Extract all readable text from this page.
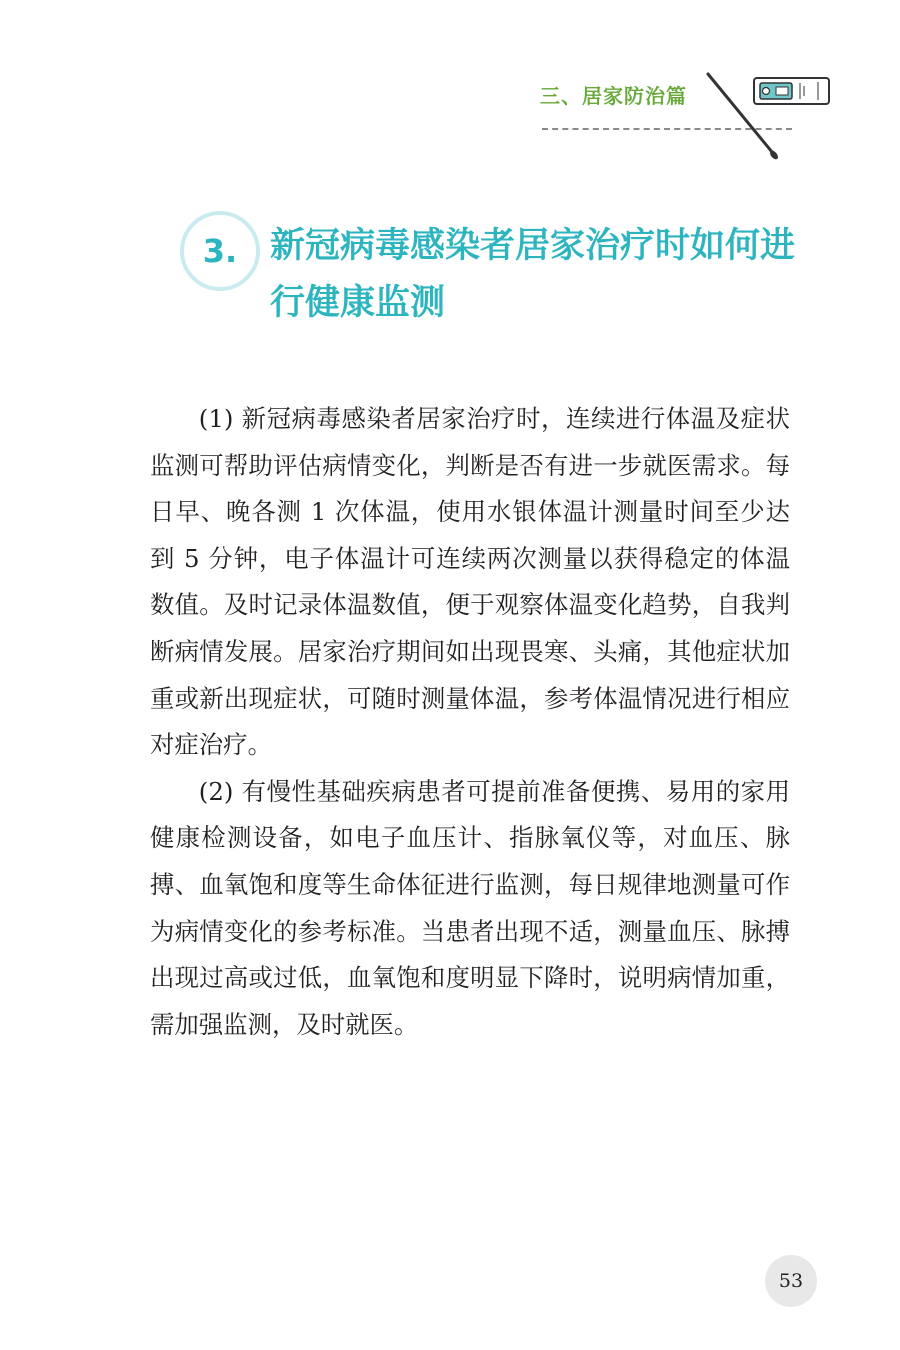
三、居家防治篇
3. 新冠病毒感染者居家治疗时如何进行健康监测

(1) 新冠病毒感染者居家治疗时，连续进行体温及症状监测可帮助评估病情变化，判断是否有进一步就医需求。每日早、晚各测 1 次体温，使用水银体温计测量时间至少达到 5 分钟，电子体温计可连续两次测量以获得稳定的体温数值。及时记录体温数值，便于观察体温变化趋势，自我判断病情发展。居家治疗期间如出现畏寒、头痛，其他症状加重或新出现症状，可随时测量体温，参考体温情况进行相应对症治疗。

(2) 有慢性基础疾病患者可提前准备便携、易用的家用健康检测设备，如电子血压计、指脉氧仪等，对血压、脉搏、血氧饱和度等生命体征进行监测，每日规律地测量可作为病情变化的参考标准。当患者出现不适，测量血压、脉搏出现过高或过低，血氧饱和度明显下降时，说明病情加重，需加强监测，及时就医。

53
